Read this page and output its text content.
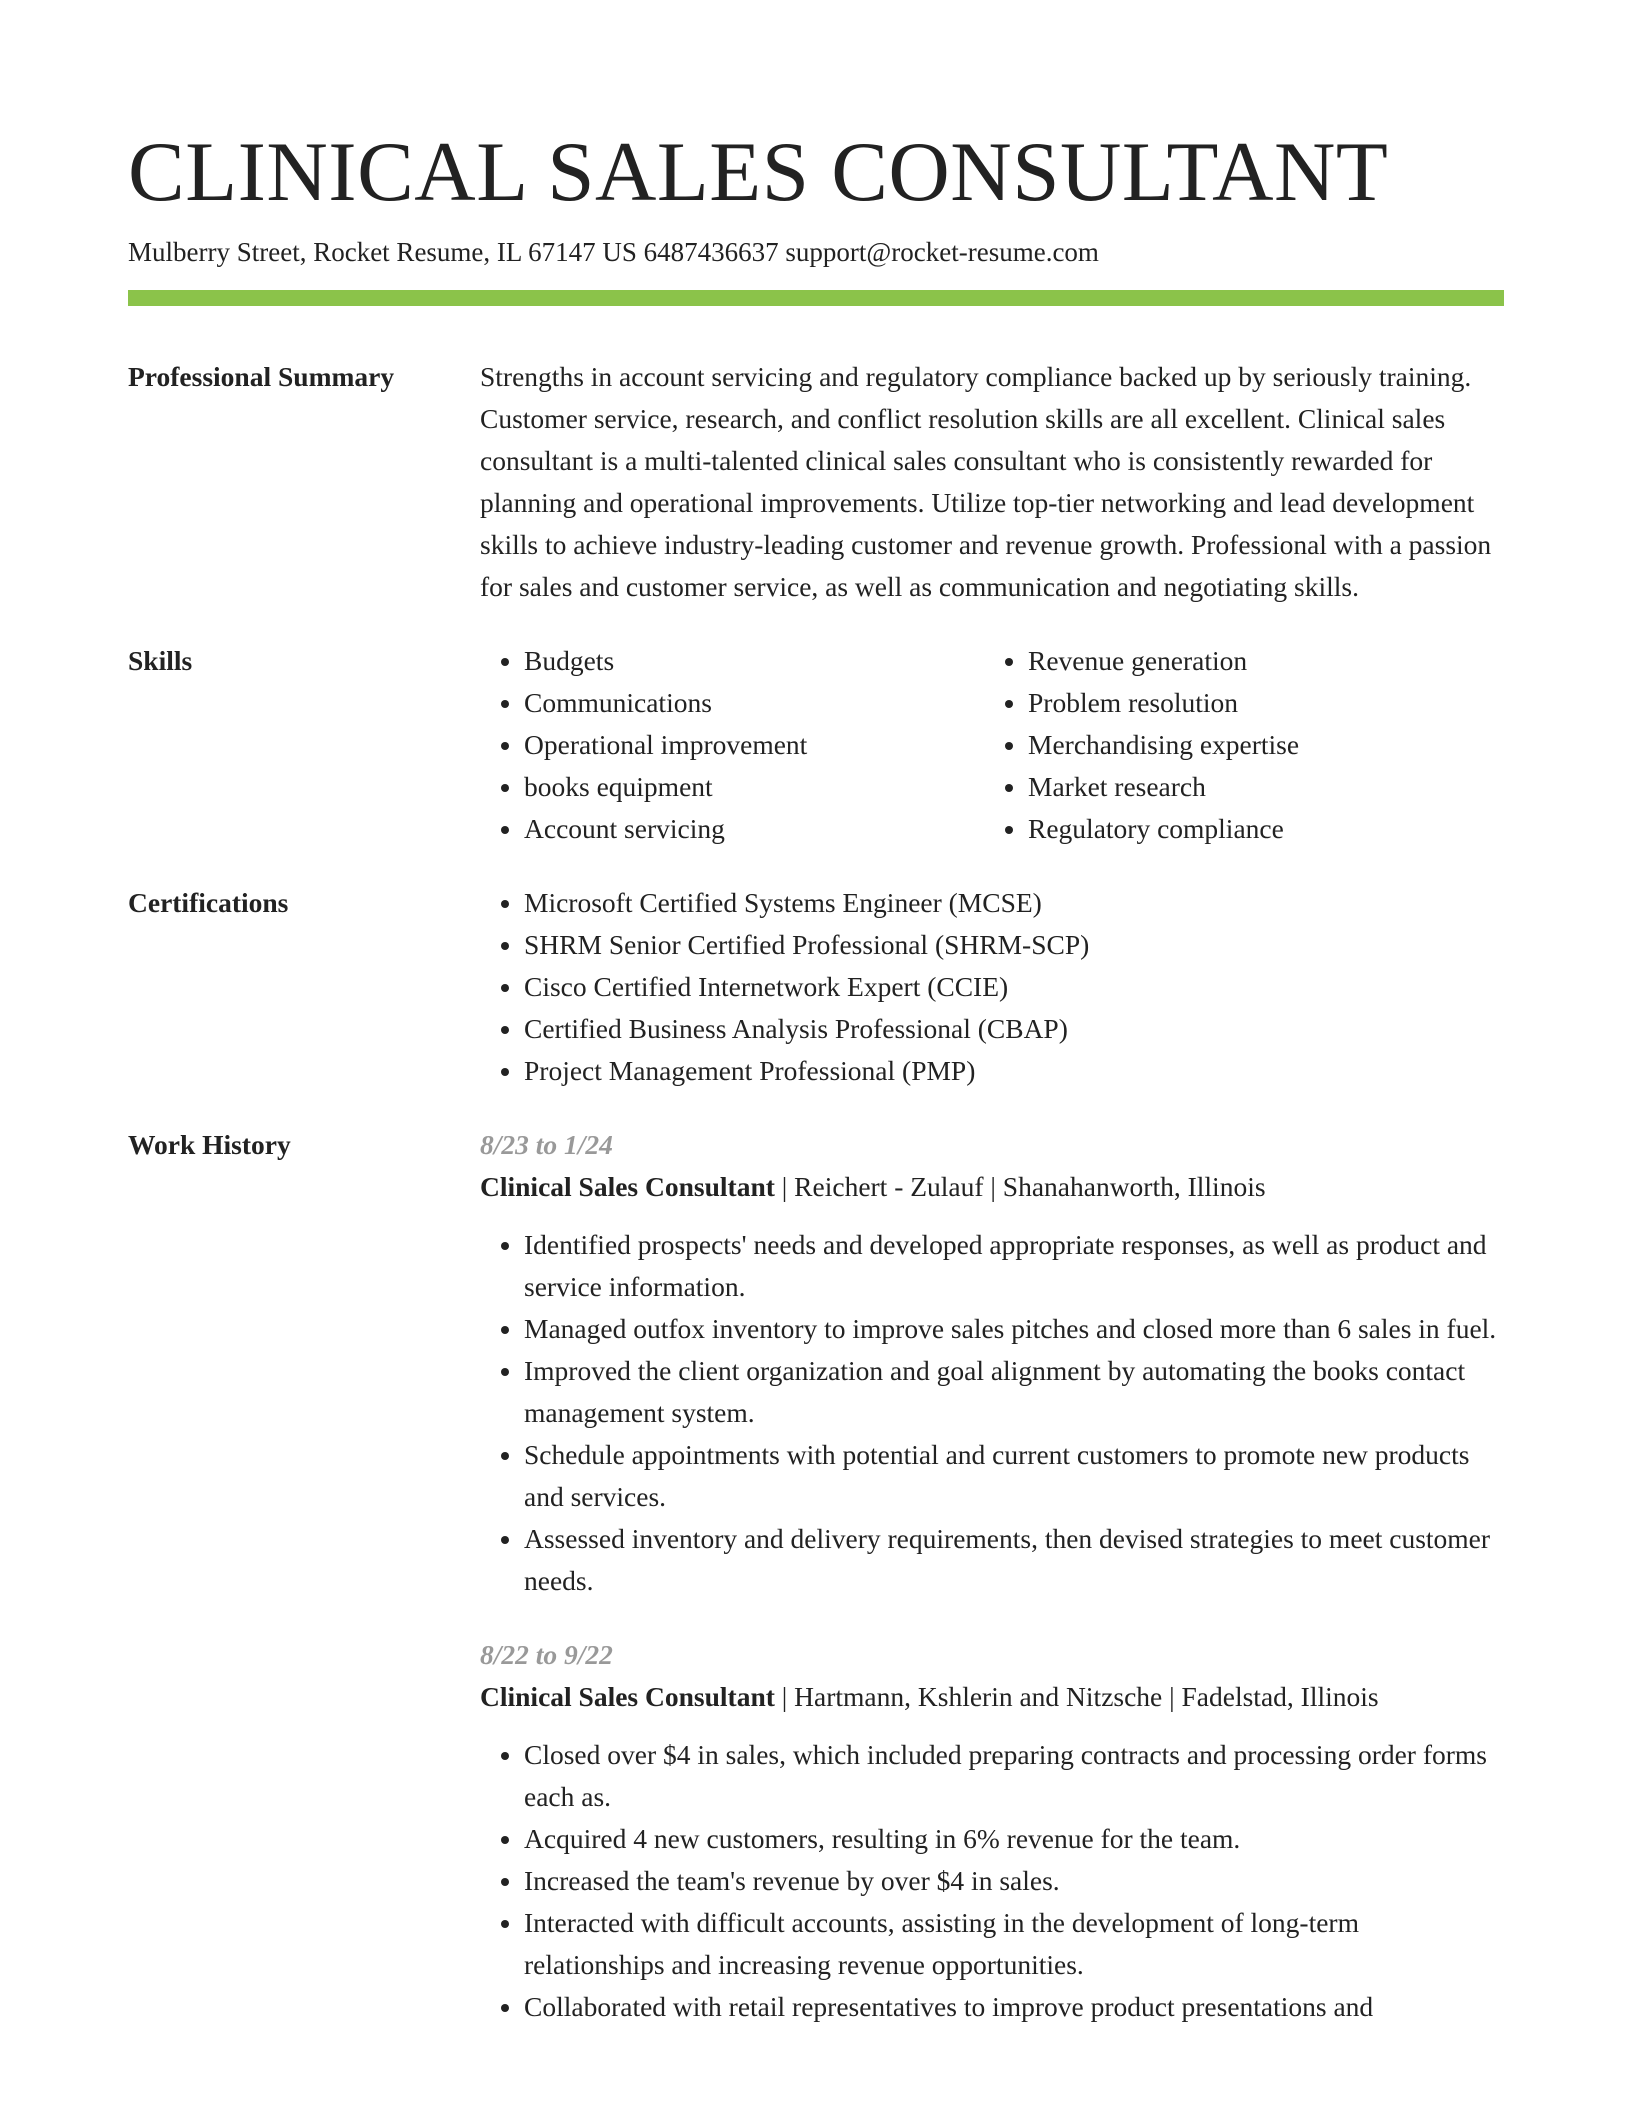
CLINICAL SALES CONSULTANT
Mulberry Street, Rocket Resume, IL 67147 US 6487436637 support@rocket-resume.com
Professional Summary	Strengths in account servicing and regulatory compliance backed up by seriously training. Customer service, research, and conflict resolution skills are all excellent. Clinical sales consultant is a multi-talented clinical sales consultant who is consistently rewarded for planning and operational improvements. Utilize top-tier networking and lead development skills to achieve industry-leading customer and revenue growth. Professional with a passion for sales and customer service, as well as communication and negotiating skills.
Skills	• Budgets
• Communications
• Operational improvement
• books equipment
• Account servicing
• Revenue generation
• Problem resolution
• Merchandising expertise
• Market research
• Regulatory compliance
Certifications	• Microsoft Certified Systems Engineer (MCSE)
• SHRM Senior Certified Professional (SHRM-SCP)
• Cisco Certified Internetwork Expert (CCIE)
• Certified Business Analysis Professional (CBAP)
• Project Management Professional (PMP)
Work History	8/23 to 1/24
Clinical Sales Consultant | Reichert - Zulauf | Shanahanworth, Illinois
• Identified prospects' needs and developed appropriate responses, as well as product and service information.
• Managed outfox inventory to improve sales pitches and closed more than 6 sales in fuel.
• Improved the client organization and goal alignment by automating the books contact management system.
• Schedule appointments with potential and current customers to promote new products and services.
• Assessed inventory and delivery requirements, then devised strategies to meet customer needs.
8/22 to 9/22
Clinical Sales Consultant | Hartmann, Kshlerin and Nitzsche | Fadelstad, Illinois
• Closed over $4 in sales, which included preparing contracts and processing order forms each as.
• Acquired 4 new customers, resulting in 6% revenue for the team.
• Increased the team's revenue by over $4 in sales.
• Interacted with difficult accounts, assisting in the development of long-term relationships and increasing revenue opportunities.
• Collaborated with retail representatives to improve product presentations and
